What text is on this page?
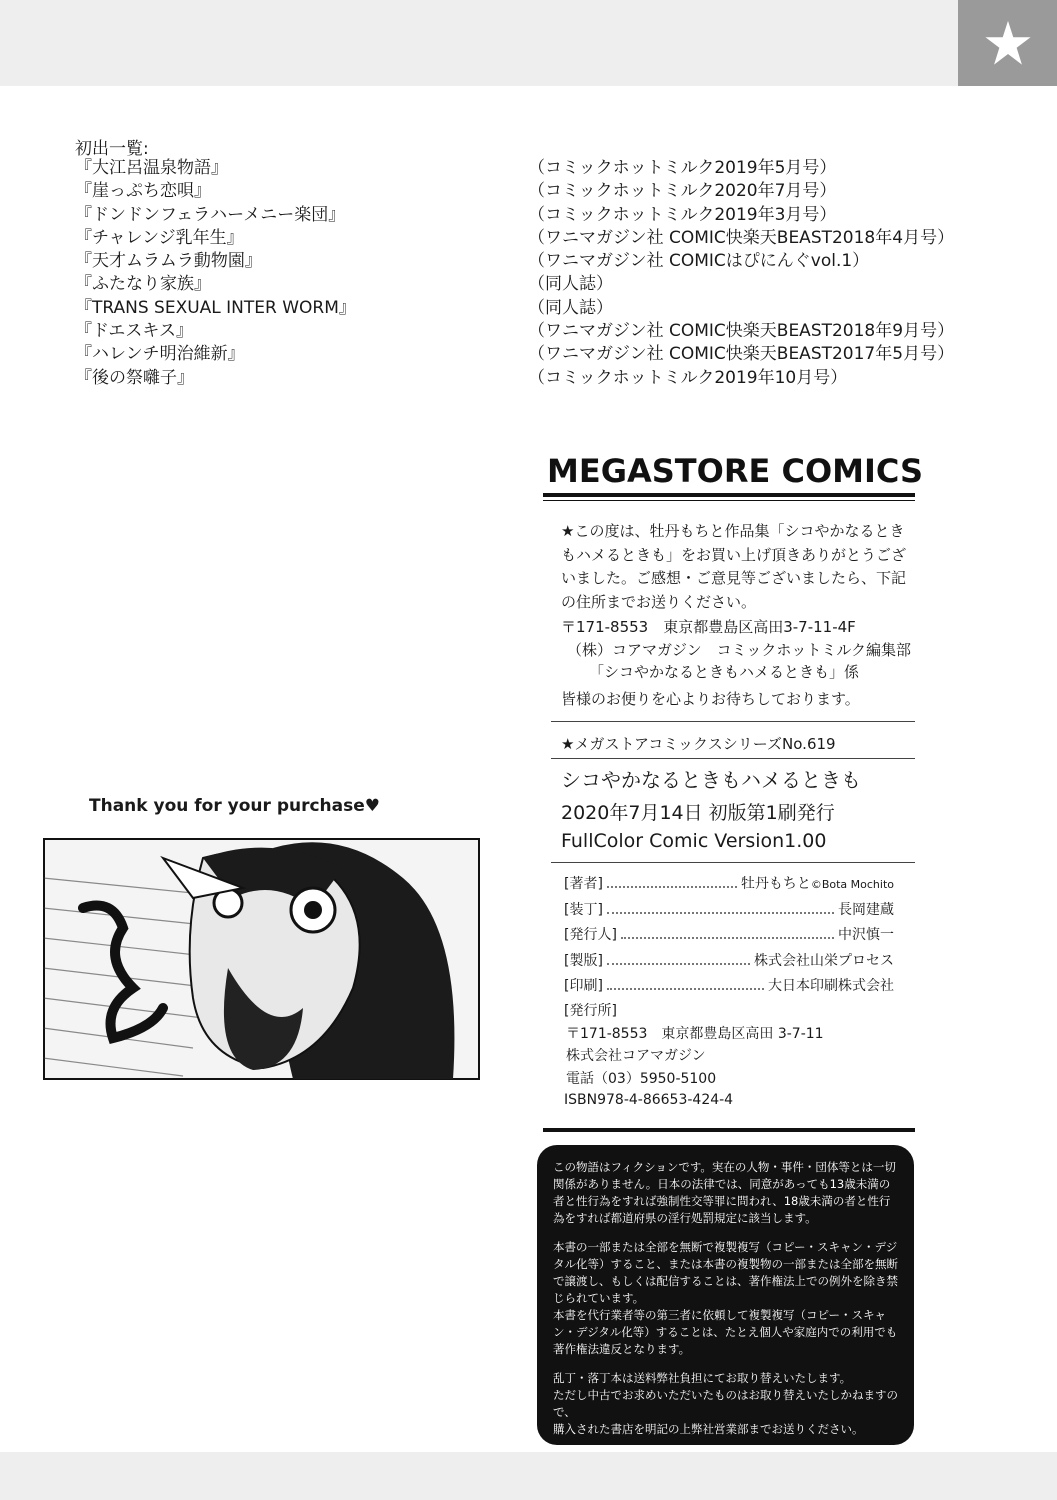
初出一覧:
『大江呂温泉物語』	（コミックホットミルク2019年5月号）
『崖っぷち恋唄』	（コミックホットミルク2020年7月号）
『ドンドンフェラハーメニー楽団』	（コミックホットミルク2019年3月号）
『チャレンジ乳年生』	（ワニマガジン社 COMIC快楽天BEAST2018年4月号）
『天才ムラムラ動物園』	（ワニマガジン社 COMICはぴにんぐvol.1）
『ふたなり家族』	（同人誌）
『TRANS SEXUAL INTER WORM』	（同人誌）
『ドエスキス』	（ワニマガジン社 COMIC快楽天BEAST2018年9月号）
『ハレンチ明治維新』	（ワニマガジン社 COMIC快楽天BEAST2017年5月号）
『後の祭囃子』	（コミックホットミルク2019年10月号）
MEGASTORE COMICS
★この度は、牡丹もちと作品集「シコやかなるときもハメるときも」をお買い上げ頂きありがとうございました。ご感想・ご意見等ございましたら、下記の住所までお送りください。
〒171-8553　東京都豊島区高田3-7-11-4F
（株）コアマガジン　コミックホットミルク編集部
「シコやかなるときもハメるときも」係
皆様のお便りを心よりお待ちしております。
★メガストアコミックスシリーズNo.619
シコやかなるときもハメるときも
2020年7月14日 初版第1刷発行
FullColor Comic Version1.00
[著者]	牡丹もちと ©Bota Mochito
[装丁]	長岡建蔵
[発行人]	中沢慎一
[製版]	株式会社山栄プロセス
[印刷]	大日本印刷株式会社
[発行所]
〒171-8553　東京都豊島区高田 3-7-11
株式会社コアマガジン
電話（03）5950-5100
ISBN978-4-86653-424-4

この物語はフィクションです。実在の人物・事件・団体等とは一切関係がありません。日本の法律では、同意があっても13歳未満の者と性行為をすれば強制性交等罪に問われ、18歳未満の者と性行為をすれば都道府県の淫行処罰規定に該当します。

本書の一部または全部を無断で複製複写（コピー・スキャン・デジタル化等）すること、または本書の複製物の一部または全部を無断で譲渡し、もしくは配信することは、著作権法上での例外を除き禁じられています。
本書を代行業者等の第三者に依頼して複製複写（コピー・スキャン・デジタル化等）することは、たとえ個人や家庭内での利用でも著作権法違反となります。

乱丁・落丁本は送料弊社負担にてお取り替えいたします。
ただし中古でお求めいただいたものはお取り替えいたしかねますので、
購入された書店を明記の上弊社営業部までお送りください。

Thank you for your purchase♥
